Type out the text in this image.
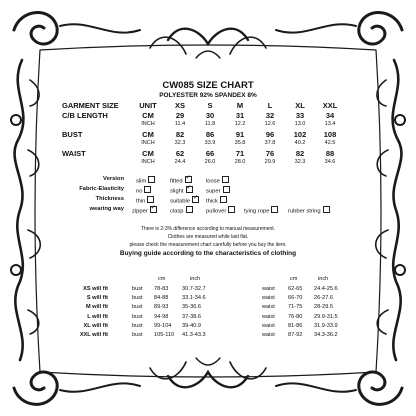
CW085 SIZE CHART
POLYESTER 92% SPANDEX 8%
GARMENT SIZE	UNIT	XS	S	M	L	XL	XXL
C/B LENGTH	CM	29	30	31	32	33	34
INCH	11.4	11.8	12.2	12.6	13.0	13.4
BUST	CM	82	86	91	96	102	108
INCH	32.3	33.9	35.8	37.8	40.2	42.5
WAIST	CM	62	66	71	76	82	88
INCH	24.4	26.0	28.0	29.9	32.3	34.6
Version slim	fitted ✓	loose
Fabric-Elasticity no	slight ✓	super
Thickness thin	suitable ✓	thick
wearing way zipper ✓	clasp	pullover	tying rope	rubber string
There is 2-3% difference according to manual measurement.
Clothes are measured while laid flat.
please check the measurement chart carefully before you buy the item.
Buying guide according to the characteristics of clothing
cm	inch	cm	inch
XS will fit	bust 78-83 30.7-32.7	waist 62-65 24.4-25.6
S will fit	bust 84-88 33.1-34.6	waist 66-70 26-27.6
M will fit	bust 89-93 35-36.6	waist 71-75 28-29.5
L will fit	bust 94-98 37-38.6	waist 76-80 29.9-31.5
XL will fit	bust 99-104 39-40.9	waist 81-86 31.9-33.9
XXL will fit	bust 105-110 41.3-43.3	waist 87-92 34.3-36.2
